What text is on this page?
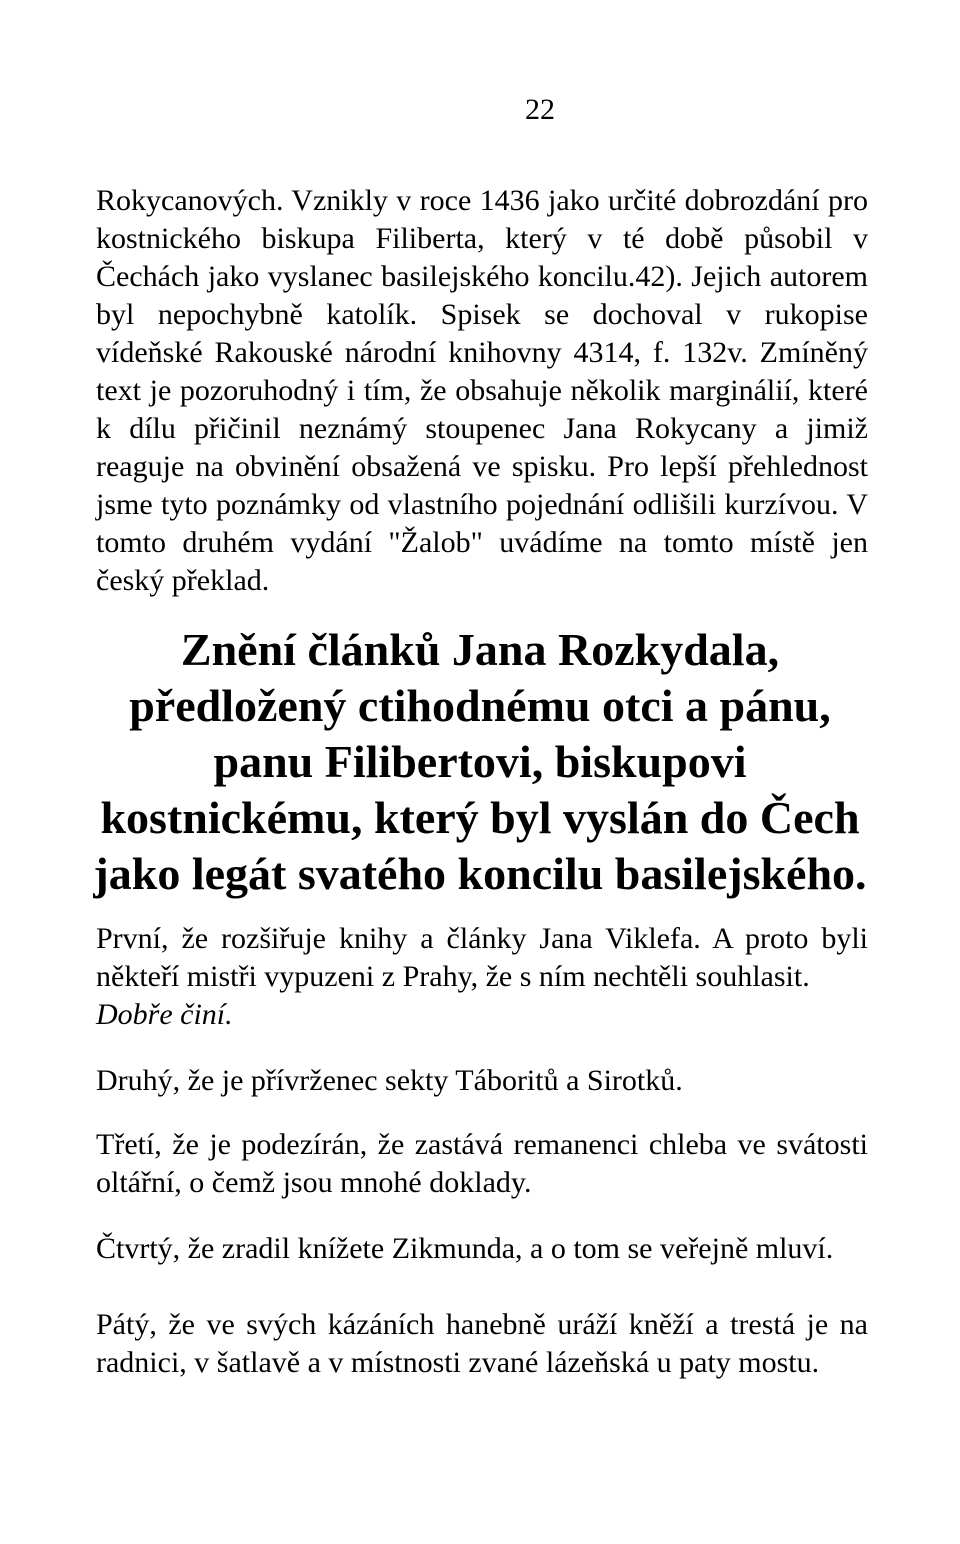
22
Rokycanových. Vznikly v roce 1436 jako určité dobrozdání pro kostnického biskupa Filiberta, který v té době působil v Čechách jako vyslanec basilejského koncilu.42). Jejich autorem byl nepochybně katolík. Spisek se dochoval v rukopise vídeňské Rakouské národní knihovny 4314, f. 132v. Zmíněný text je pozoruhodný i tím, že obsahuje několik marginálií, které k dílu přičinil neznámý stoupenec Jana Rokycany a jimiž reaguje na obvinění obsažená ve spisku. Pro lepší přehlednost jsme tyto poznámky od vlastního pojednání odlišili kurzívou. V tomto druhém vydání "Žalob" uvádíme na tomto místě jen český překlad.
Znění článků Jana Rozkydala, předložený ctihodnému otci a pánu, panu Filibertovi, biskupovi kostnickému, který byl vyslán do Čech jako legát svatého koncilu basilejského.
První, že rozšiřuje knihy a články Jana Viklefa. A proto byli někteří mistři vypuzeni z Prahy, že s ním nechtěli souhlasit.
Dobře činí.
Druhý, že je přívrženec sekty Táboritů a Sirotků.
Třetí, že je podezírán, že zastává remanenci chleba ve svátosti oltářní, o čemž jsou mnohé doklady.
Čtvrtý, že zradil knížete Zikmunda, a o tom se veřejně mluví.
Pátý, že ve svých kázáních hanebně uráží kněží a trestá je na radnici, v šatlavě a v místnosti zvané lázeňská u paty mostu.
